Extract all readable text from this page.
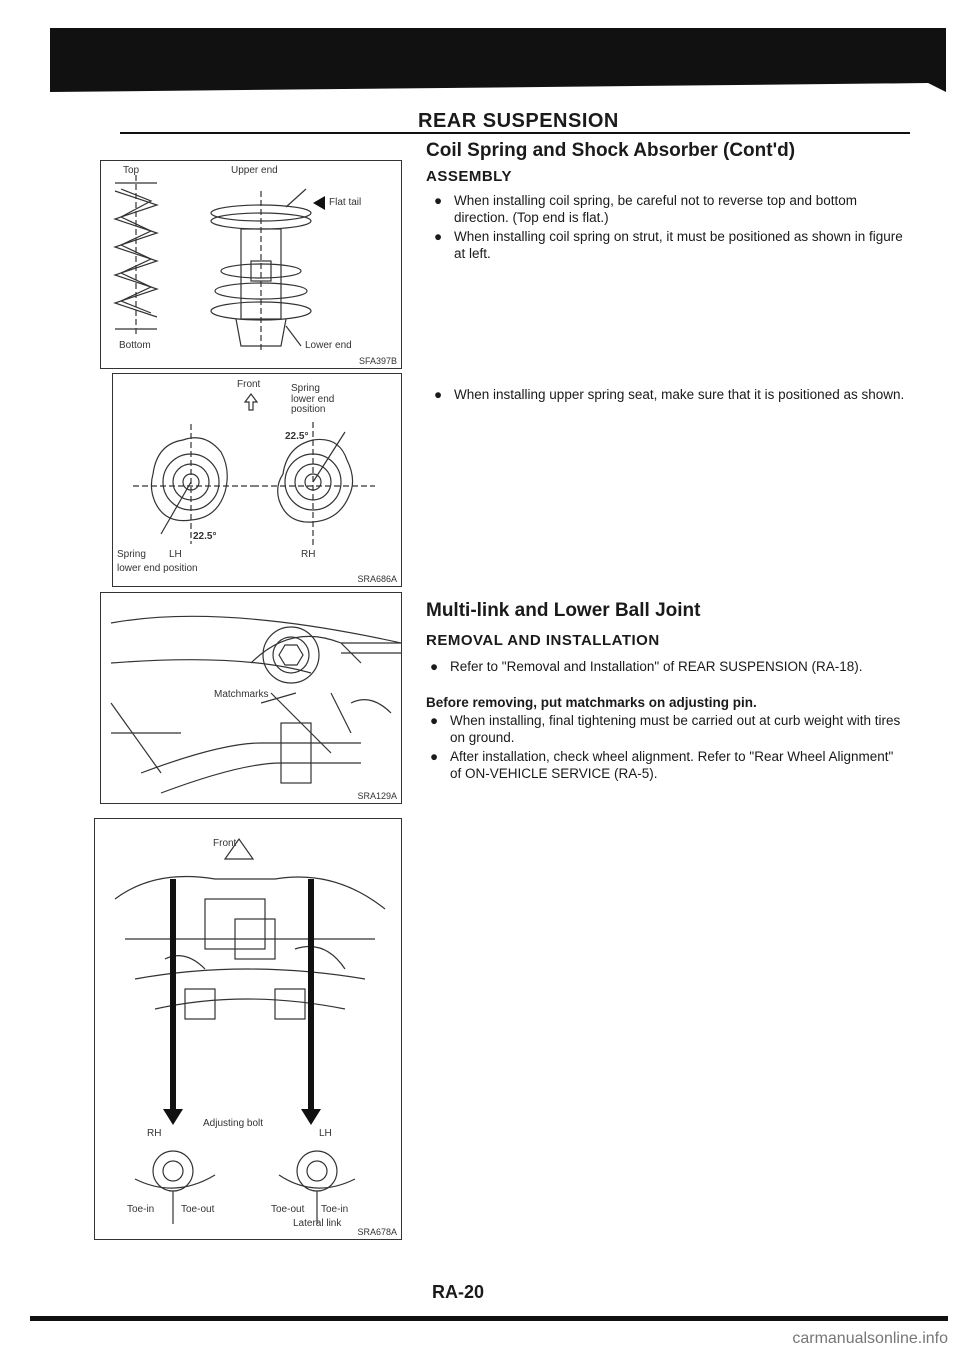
REAR SUSPENSION
Top	Upper end
Flat tail
Bottom	Lower end
SFA397B
Front	Spring
lower end
position
22.5°
22.5°
Spring LH
lower end position
RH
SRA686A
Matchmarks
SRA129A
Front
Adjusting bolt
RH	LH
Toe-in	Toe-out	Toe-out Toe-in
Lateral link
SRA678A
Coil Spring and Shock Absorber (Cont'd)
ASSEMBLY
● When installing coil spring, be careful not to reverse top and bottom direction. (Top end is flat.)
● When installing coil spring on strut, it must be positioned as shown in figure at left.
● When installing upper spring seat, make sure that it is positioned as shown.
Multi-link and Lower Ball Joint
REMOVAL AND INSTALLATION
● Refer to "Removal and Installation" of REAR SUSPENSION (RA-18).
Before removing, put matchmarks on adjusting pin.
● When installing, final tightening must be carried out at curb weight with tires on ground.
● After installation, check wheel alignment. Refer to "Rear Wheel Alignment" of ON-VEHICLE SERVICE (RA-5).
RA-20
carmanualsonline.info
